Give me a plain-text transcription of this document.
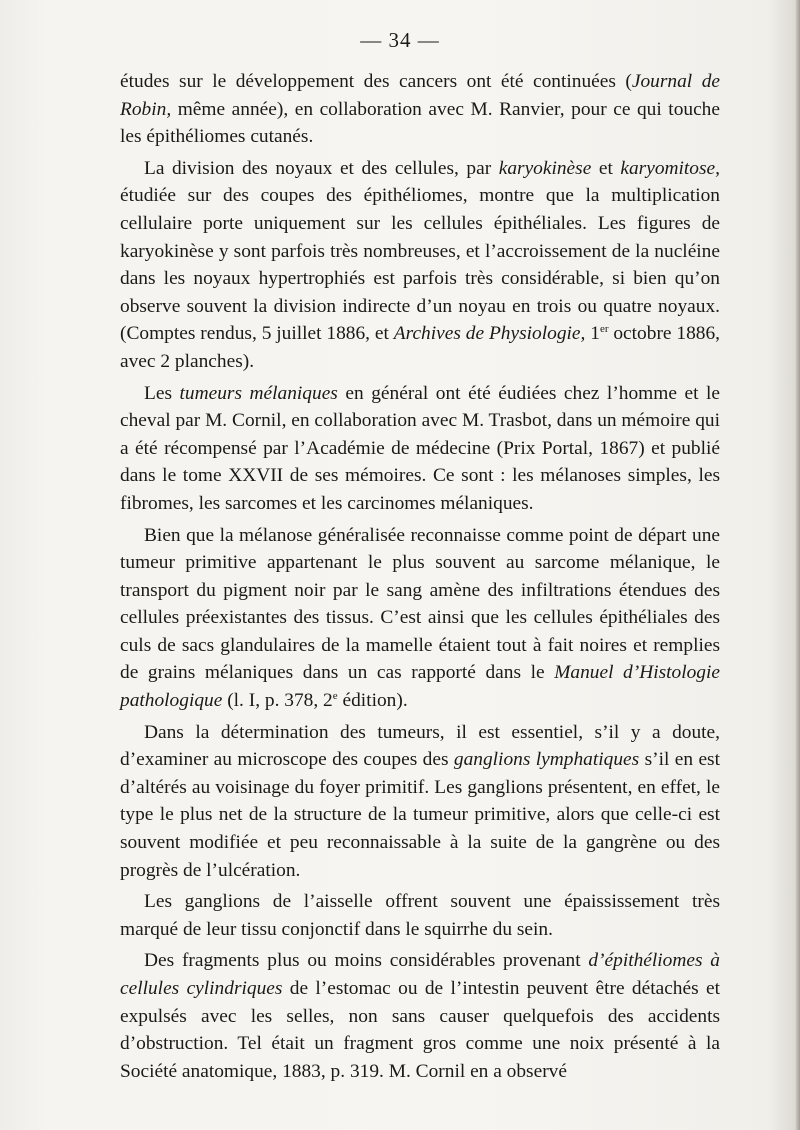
— 34 —

études sur le développement des cancers ont été continuées (Journal de Robin, même année), en collaboration avec M. Ranvier, pour ce qui touche les épithéliomes cutanés.

La division des noyaux et des cellules, par karyokinèse et karyomitose, étudiée sur des coupes des épithéliomes, montre que la multiplication cellulaire porte uniquement sur les cellules épithéliales. Les figures de karyokinèse y sont parfois très nombreuses, et l’accroissement de la nucléine dans les noyaux hypertrophiés est parfois très considérable, si bien qu’on observe souvent la division indirecte d’un noyau en trois ou quatre noyaux. (Comptes rendus, 5 juillet 1886, et Archives de Physiologie, 1er octobre 1886, avec 2 planches).

Les tumeurs mélaniques en général ont été éudiées chez l’homme et le cheval par M. Cornil, en collaboration avec M. Trasbot, dans un mémoire qui a été récompensé par l’Académie de médecine (Prix Portal, 1867) et publié dans le tome XXVII de ses mémoires. Ce sont : les mélanoses simples, les fibromes, les sarcomes et les carcinomes mélaniques.

Bien que la mélanose généralisée reconnaisse comme point de départ une tumeur primitive appartenant le plus souvent au sarcome mélanique, le transport du pigment noir par le sang amène des infiltrations étendues des cellules préexistantes des tissus. C’est ainsi que les cellules épithéliales des culs de sacs glandulaires de la mamelle étaient tout à fait noires et remplies de grains mélaniques dans un cas rapporté dans le Manuel d’Histologie pathologique (l. I, p. 378, 2e édition).

Dans la détermination des tumeurs, il est essentiel, s’il y a doute, d’examiner au microscope des coupes des ganglions lymphatiques s’il en est d’altérés au voisinage du foyer primitif. Les ganglions présentent, en effet, le type le plus net de la structure de la tumeur primitive, alors que celle-ci est souvent modifiée et peu reconnaissable à la suite de la gangrène ou des progrès de l’ulcération.

Les ganglions de l’aisselle offrent souvent une épaississement très marqué de leur tissu conjonctif dans le squirrhe du sein.

Des fragments plus ou moins considérables provenant d’épithéliomes à cellules cylindriques de l’estomac ou de l’intestin peuvent être détachés et expulsés avec les selles, non sans causer quelquefois des accidents d’obstruction. Tel était un fragment gros comme une noix présenté à la Société anatomique, 1883, p. 319. M. Cornil en a observé
